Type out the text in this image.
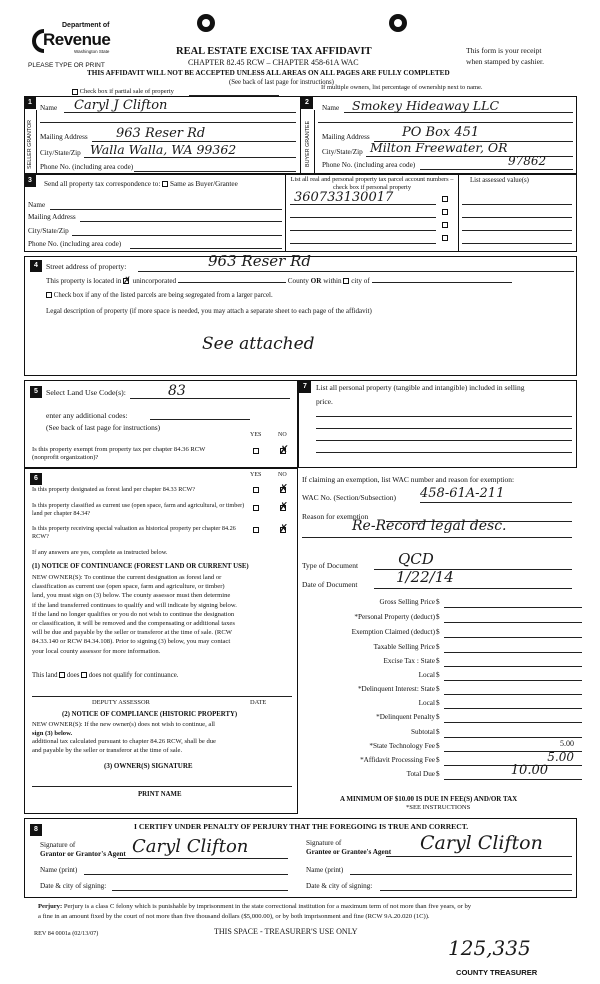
Department of
Revenue
Washington State
PLEASE TYPE OR PRINT
REAL ESTATE EXCISE TAX AFFIDAVIT
CHAPTER 82.45 RCW – CHAPTER 458-61A WAC
This form is your receipt
when stamped by cashier.
THIS AFFIDAVIT WILL NOT BE ACCEPTED UNLESS ALL AREAS ON ALL PAGES ARE FULLY COMPLETED
(See back of last page for instructions)
Check box if partial sale of property
If multiple owners, list percentage of ownership next to name.
1
SELLER GRANTOR
Name Caryl J Clifton
Mailing Address 963 Reser Rd
City/State/Zip Walla Walla, WA 99362
Phone No. (including area code)
2
BUYER GRANTEE
Name Smokey Hideaway LLC
Mailing Address PO Box 451
City/State/Zip Milton Freewater, OR
Phone No. (including area code)	97862
3	Send all property tax correspondence to: Same as Buyer/Grantee
Name
Mailing Address
City/State/Zip
Phone No. (including area code)
List all real and personal property tax parcel account numbers – check box if personal property
360733130017
List assessed value(s)
4	Street address of property:	963 Reser Rd
This property is located in ✗ unincorporated	County OR within city of
Check box if any of the listed parcels are being segregated from a larger parcel.
Legal description of property (if more space is needed, you may attach a separate sheet to each page of the affidavit)
See attached
5	Select Land Use Code(s):	83
enter any additional codes:
(See back of last page for instructions)
YES	NO
Is this property exempt from property tax per chapter 84.36 RCW (nonprofit organization)?
✗
7	List all personal property (tangible and intangible) included in selling
price.
6	YES	NO
Is this property designated as forest land per chapter 84.33 RCW?	✗
Is this property classified as current use (open space, farm and agricultural, or timber) land per chapter 84.34?
✗
Is this property receiving special valuation as historical property per chapter 84.26 RCW?
✗
If any answers are yes, complete as instructed below.
(1) NOTICE OF CONTINUANCE (FOREST LAND OR CURRENT USE)
NEW OWNER(S): To continue the current designation as forest land or
classification as current use (open space, farm and agriculture, or timber)
land, you must sign on (3) below. The county assessor must then determine
if the land transferred continues to qualify and will indicate by signing below.
If the land no longer qualifies or you do not wish to continue the designation
or classification, it will be removed and the compensating or additional taxes
will be due and payable by the seller or transferor at the time of sale. (RCW
84.33.140 or RCW 84.34.108). Prior to signing (3) below, you may contact
your local county assessor for more information.
This land does does not qualify for continuance.
DEPUTY ASSESSOR	DATE
(2) NOTICE OF COMPLIANCE (HISTORIC PROPERTY)
NEW OWNER(S): If the new owner(s) does not wish to continue, all
sign (3) below.
additional tax calculated pursuant to chapter 84.26 RCW, shall be due
and payable by the seller or transferor at the time of sale.
(3) OWNER(S) SIGNATURE
PRINT NAME
If claiming an exemption, list WAC number and reason for exemption:
WAC No. (Section/Subsection) 458-61A-211
Reason for exemption
Re-Record legal desc.
Type of Document	QCD
Date of Document	1/22/14
Gross Selling Price $
*Personal Property (deduct) $
Exemption Claimed (deduct) $
Taxable Selling Price $
Excise Tax : State $
Local $
*Delinquent Interest: State $
Local $
*Delinquent Penalty $
Subtotal $
*State Technology Fee $	5.00
*Affidavit Processing Fee $	5.00
Total Due $	10.00
A MINIMUM OF $10.00 IS DUE IN FEE(S) AND/OR TAX
*SEE INSTRUCTIONS
8	I CERTIFY UNDER PENALTY OF PERJURY THAT THE FOREGOING IS TRUE AND CORRECT.
Signature of
Grantor or Grantor's Agent Caryl Clifton
Name (print)
Date & city of signing:
Signature of
Grantee or Grantee's Agent Caryl Clifton
Name (print)
Date & city of signing:
Perjury: Perjury is a class C felony which is punishable by imprisonment in the state correctional institution for a maximum term of not more than five years, or by
a fine in an amount fixed by the court of not more than five thousand dollars ($5,000.00), or by both imprisonment and fine (RCW 9A.20.020 (1C)).
REV 84 0001a (02/13/07)	THIS SPACE - TREASURER'S USE ONLY
125,335
COUNTY TREASURER
